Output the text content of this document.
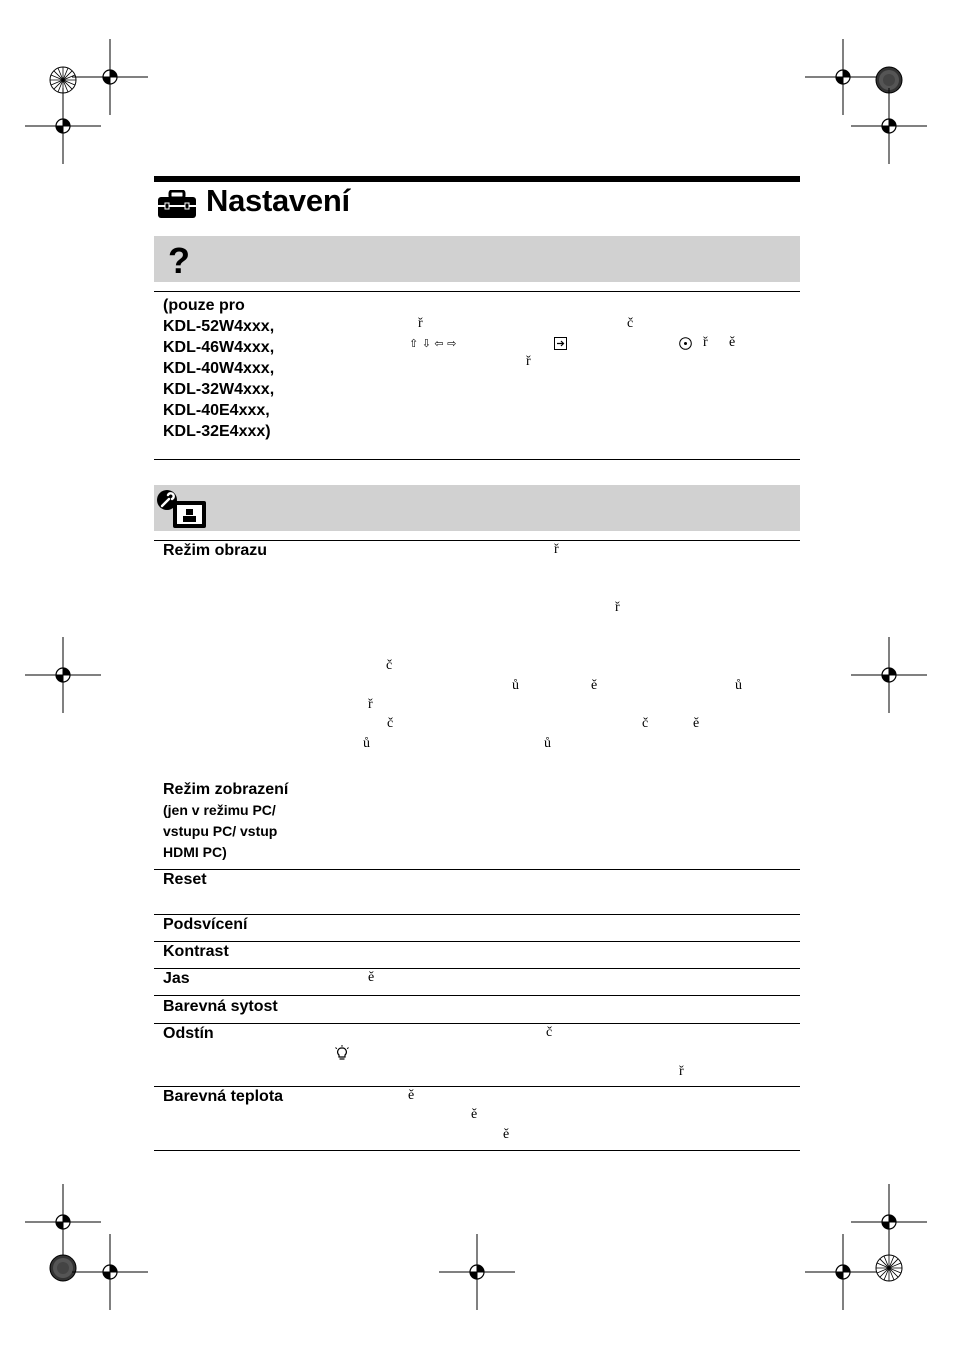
Nastavení
?
(pouze pro
KDL-52W4xxx,
KDL-46W4xxx,
KDL-40W4xxx,
KDL-32W4xxx,
KDL-40E4xxx,
KDL-32E4xxx)
ř	č
⇧ ⇩ ⇦ ⇨	ř ě
ř
Režim obrazu	ř
ř
č
ů	ě	ů
ř
č	č	ě
ů	ů
Režim zobrazení
(jen v režimu PC/
vstupu PC/ vstup
HDMI PC)
Reset
Podsvícení
Kontrast
Jas	ě
Barevná sytost
Odstín	č
ř
Barevná teplota	ě
ě
ě
